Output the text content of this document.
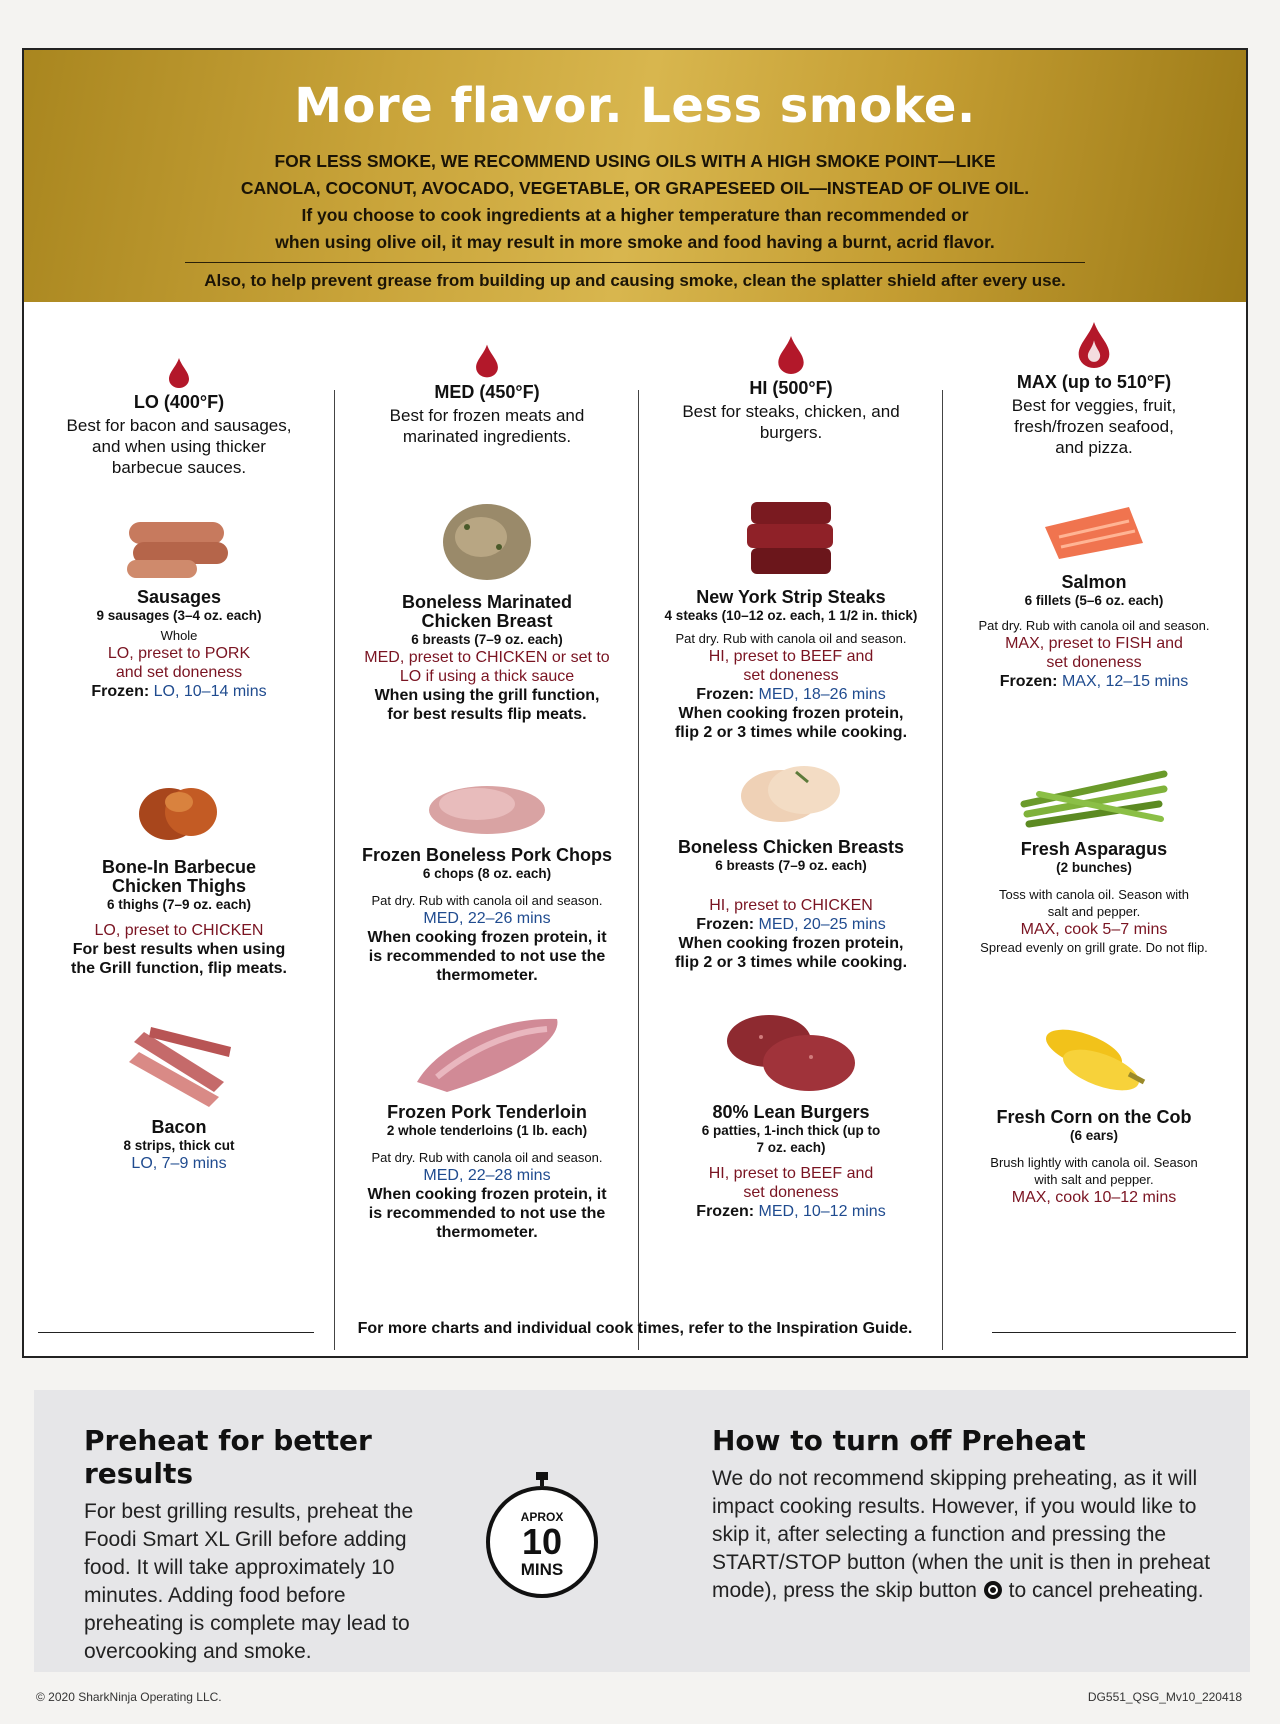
More flavor. Less smoke.
FOR LESS SMOKE, WE RECOMMEND USING OILS WITH A HIGH SMOKE POINT—LIKE
CANOLA, COCONUT, AVOCADO, VEGETABLE, OR GRAPESEED OIL—INSTEAD OF OLIVE OIL.
If you choose to cook ingredients at a higher temperature than recommended or
when using olive oil, it may result in more smoke and food having a burnt, acrid flavor.
Also, to help prevent grease from building up and causing smoke, clean the splatter shield after every use.
LO (400°F)
Best for bacon and sausages, and when using thicker barbecue sauces.
Sausages
9 sausages (3–4 oz. each)
Whole
LO, preset to PORK and set doneness
Frozen: LO, 10–14 mins
Bone-In Barbecue Chicken Thighs
6 thighs (7–9 oz. each)
LO, preset to CHICKEN
For best results when using the Grill function, flip meats.
Bacon
8 strips, thick cut
LO, 7–9 mins
MED (450°F)
Best for frozen meats and marinated ingredients.
Boneless Marinated Chicken Breast
6 breasts (7–9 oz. each)
MED, preset to CHICKEN or set to LO if using a thick sauce
When using the grill function, for best results flip meats.
Frozen Boneless Pork Chops
6 chops (8 oz. each)
Pat dry. Rub with canola oil and season.
MED, 22–26 mins
When cooking frozen protein, it is recommended to not use the thermometer.
Frozen Pork Tenderloin
2 whole tenderloins (1 lb. each)
Pat dry. Rub with canola oil and season.
MED, 22–28 mins
When cooking frozen protein, it is recommended to not use the thermometer.
HI (500°F)
Best for steaks, chicken, and burgers.
New York Strip Steaks
4 steaks (10–12 oz. each, 1 1/2 in. thick)
Pat dry. Rub with canola oil and season.
HI, preset to BEEF and set doneness
Frozen: MED, 18–26 mins
When cooking frozen protein, flip 2 or 3 times while cooking.
Boneless Chicken Breasts
6 breasts (7–9 oz. each)
HI, preset to CHICKEN
Frozen: MED, 20–25 mins
When cooking frozen protein, flip 2 or 3 times while cooking.
80% Lean Burgers
6 patties, 1-inch thick (up to 7 oz. each)
HI, preset to BEEF and set doneness
Frozen: MED, 10–12 mins
MAX (up to 510°F)
Best for veggies, fruit, fresh/frozen seafood, and pizza.
Salmon
6 fillets (5–6 oz. each)
Pat dry. Rub with canola oil and season.
MAX, preset to FISH and set doneness
Frozen: MAX, 12–15 mins
Fresh Asparagus
(2 bunches)
Toss with canola oil. Season with salt and pepper.
MAX, cook 5–7 mins
Spread evenly on grill grate. Do not flip.
Fresh Corn on the Cob
(6 ears)
Brush lightly with canola oil. Season with salt and pepper.
MAX, cook 10–12 mins
For more charts and individual cook times, refer to the Inspiration Guide.
Preheat for better results
For best grilling results, preheat the Foodi Smart XL Grill before adding food. It will take approximately 10 minutes. Adding food before preheating is complete may lead to overcooking and smoke.
APROX
10
MINS
How to turn off Preheat
We do not recommend skipping preheating, as it will impact cooking results. However, if you would like to skip it, after selecting a function and pressing the START/STOP button (when the unit is then in preheat mode), press the skip button to cancel preheating.
© 2020 SharkNinja Operating LLC.	DG551_QSG_Mv10_220418
